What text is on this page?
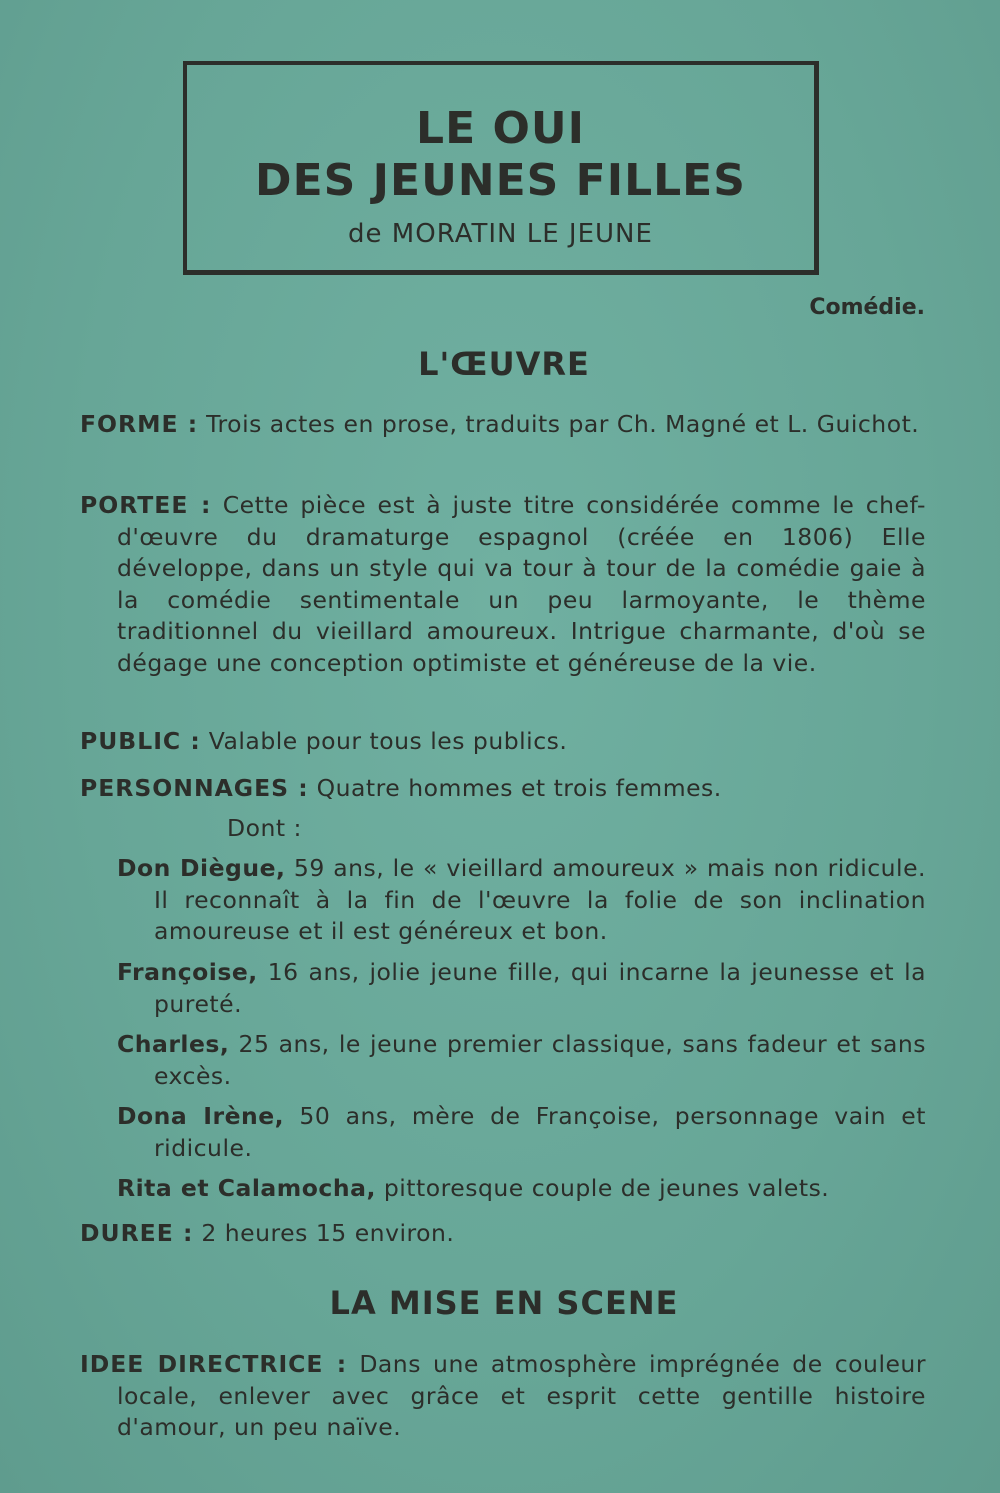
LE OUI
DES JEUNES FILLES
de MORATIN LE JEUNE
Comédie.
L'ŒUVRE
FORME : Trois actes en prose, traduits par Ch. Magné et L. Guichot.
PORTEE : Cette pièce est à juste titre considérée comme le chef-d'œuvre du dramaturge espagnol (créée en 1806) Elle développe, dans un style qui va tour à tour de la comédie gaie à la comédie sentimentale un peu larmoyante, le thème traditionnel du vieillard amoureux. Intrigue charmante, d'où se dégage une conception optimiste et généreuse de la vie.
PUBLIC : Valable pour tous les publics.
PERSONNAGES : Quatre hommes et trois femmes.
Dont :
Don Diègue, 59 ans, le « vieillard amoureux » mais non ridicule. Il reconnaît à la fin de l'œuvre la folie de son inclination amoureuse et il est généreux et bon.
Françoise, 16 ans, jolie jeune fille, qui incarne la jeunesse et la pureté.
Charles, 25 ans, le jeune premier classique, sans fadeur et sans excès.
Dona Irène, 50 ans, mère de Françoise, personnage vain et ridicule.
Rita et Calamocha, pittoresque couple de jeunes valets.
DUREE : 2 heures 15 environ.
LA MISE EN SCENE
IDEE DIRECTRICE : Dans une atmosphère imprégnée de couleur locale, enlever avec grâce et esprit cette gentille histoire d'amour, un peu naïve.
